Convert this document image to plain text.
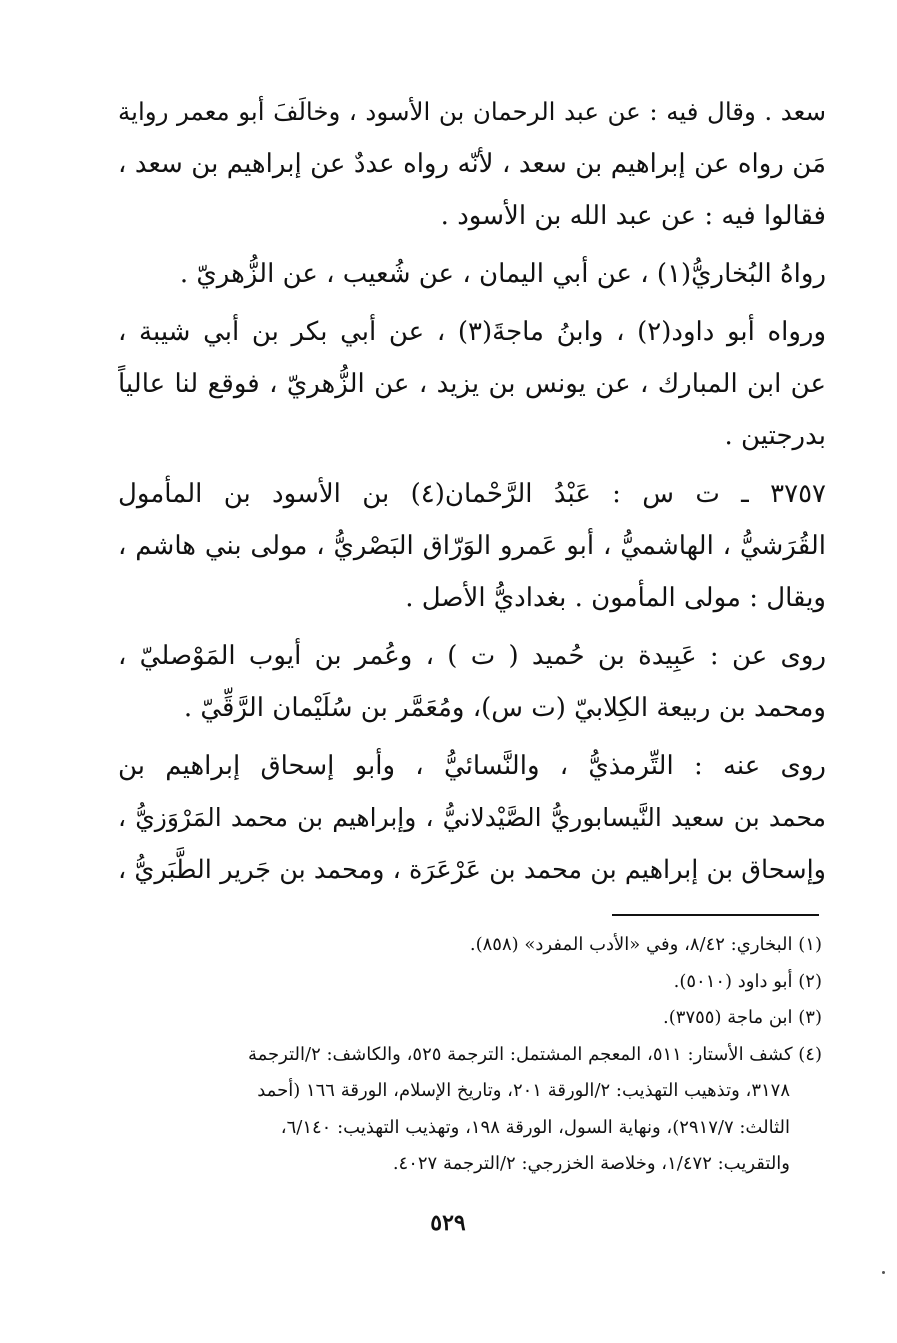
سعد . وقال فيه : عن عبد الرحمان بن الأسود ، وخالَفَ أبو معمر رواية
مَن رواه عن إبراهيم بن سعد ، لأنّه رواه عددٌ عن إبراهيم بن سعد ،
فقالوا فيه : عن عبد الله بن الأسود .
رواهُ البُخاريُّ(١) ، عن أبي اليمان ، عن شُعيب ، عن الزُّهريّ .
ورواه أبو داود(٢) ، وابنُ ماجةَ(٣) ، عن أبي بكر بن أبي شيبة ،
عن ابن المبارك ، عن يونس بن يزيد ، عن الزُّهريّ ، فوقع لنا عالياً
بدرجتين .
٣٧٥٧ ـ ت س : عَبْدُ الرَّحْمان(٤) بن الأسود بن المأمول
القُرَشيُّ ، الهاشميُّ ، أبو عَمرو الوَرّاق البَصْريُّ ، مولى بني هاشم ،
ويقال : مولى المأمون . بغداديُّ الأصل .
روى عن : عَبِيدة بن حُميد ( ت ) ، وعُمر بن أيوب المَوْصليّ ،
ومحمد بن ربيعة الكِلابيّ (ت س)، ومُعَمَّر بن سُلَيْمان الرَّقِّيّ .
روى عنه : التِّرمذيُّ ، والنَّسائيُّ ، وأبو إسحاق إبراهيم بن
محمد بن سعيد النَّيسابوريُّ الصَّيْدلانيُّ ، وإبراهيم بن محمد المَرْوَزيُّ ،
وإسحاق بن إبراهيم بن محمد بن عَرْعَرَة ، ومحمد بن جَرير الطَّبَريُّ ،
(١) البخاري: ٨/٤٢، وفي «الأدب المفرد» (٨٥٨).
(٢) أبو داود (٥٠١٠).
(٣) ابن ماجة (٣٧٥٥).
(٤) كشف الأستار: ٥١١، المعجم المشتمل: الترجمة ٥٢٥، والكاشف: ٢/الترجمة
٣١٧٨، وتذهيب التهذيب: ٢/الورقة ٢٠١، وتاريخ الإسلام، الورقة ١٦٦ (أحمد
الثالث: ٢٩١٧/٧)، ونهاية السول، الورقة ١٩٨، وتهذيب التهذيب: ٦/١٤٠،
والتقريب: ١/٤٧٢، وخلاصة الخزرجي: ٢/الترجمة ٤٠٢٧.
٥٢٩
